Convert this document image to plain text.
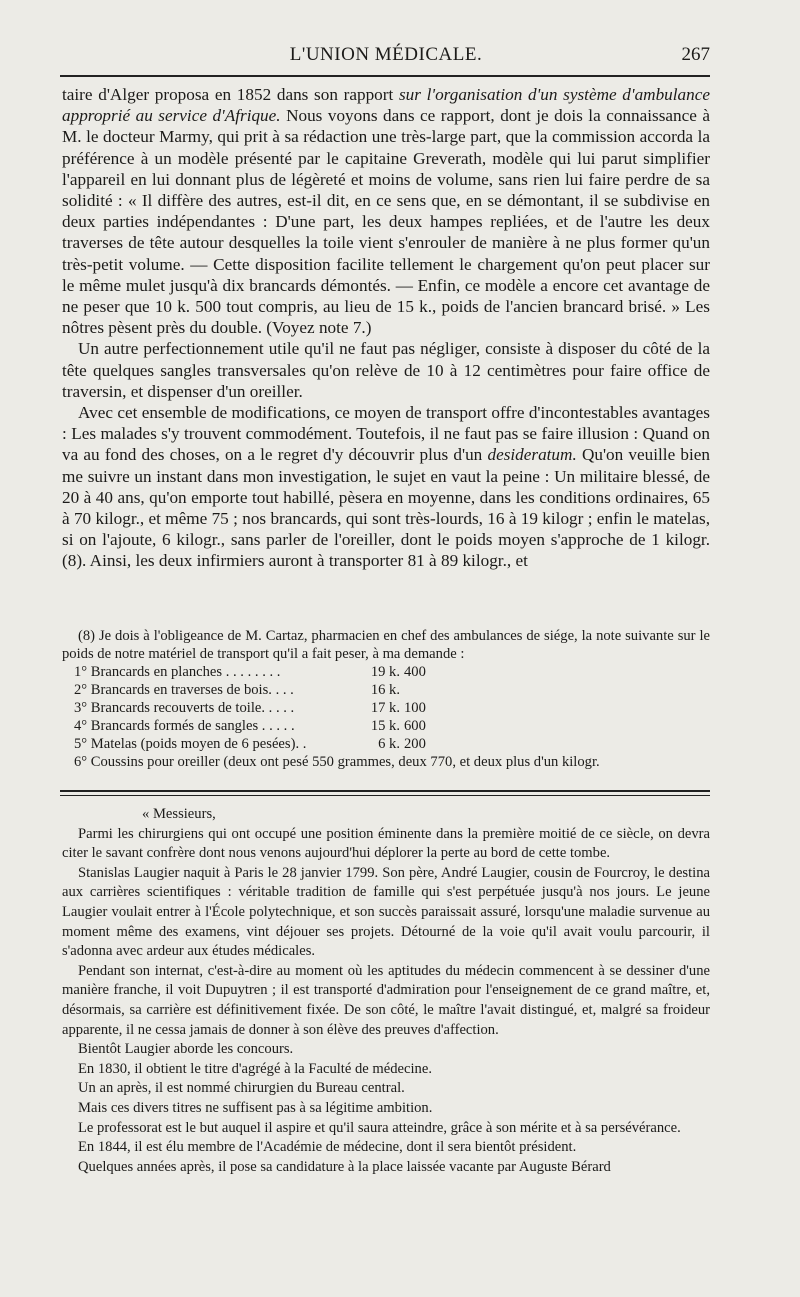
L'UNION MÉDICALE.	267

taire d'Alger proposa en 1852 dans son rapport sur l'organisation d'un système d'ambulance approprié au service d'Afrique. Nous voyons dans ce rapport, dont je dois la connaissance à M. le docteur Marmy, qui prit à sa rédaction une très-large part, que la commission accorda la préférence à un modèle présenté par le capitaine Greverath, modèle qui lui parut simplifier l'appareil en lui donnant plus de légèreté et moins de volume, sans rien lui faire perdre de sa solidité : « Il diffère des autres, est-il dit, en ce sens que, en se démontant, il se subdivise en deux parties indépendantes : D'une part, les deux hampes repliées, et de l'autre les deux traverses de tête autour desquelles la toile vient s'enrouler de manière à ne plus former qu'un très-petit volume. — Cette disposition facilite tellement le chargement qu'on peut placer sur le même mulet jusqu'à dix brancards démontés. — Enfin, ce modèle a encore cet avantage de ne peser que 10 k. 500 tout compris, au lieu de 15 k., poids de l'ancien brancard brisé. » Les nôtres pèsent près du double. (Voyez note 7.)

Un autre perfectionnement utile qu'il ne faut pas négliger, consiste à disposer du côté de la tête quelques sangles transversales qu'on relève de 10 à 12 centimètres pour faire office de traversin, et dispenser d'un oreiller.

Avec cet ensemble de modifications, ce moyen de transport offre d'incontestables avantages : Les malades s'y trouvent commodément. Toutefois, il ne faut pas se faire illusion : Quand on va au fond des choses, on a le regret d'y découvrir plus d'un desideratum. Qu'on veuille bien me suivre un instant dans mon investigation, le sujet en vaut la peine : Un militaire blessé, de 20 à 40 ans, qu'on emporte tout habillé, pèsera en moyenne, dans les conditions ordinaires, 65 à 70 kilogr., et même 75 ; nos brancards, qui sont très-lourds, 16 à 19 kilogr ; enfin le matelas, si on l'ajoute, 6 kilogr., sans parler de l'oreiller, dont le poids moyen s'approche de 1 kilogr. (8). Ainsi, les deux infirmiers auront à transporter 81 à 89 kilogr., et

(8) Je dois à l'obligeance de M. Cartaz, pharmacien en chef des ambulances de siége, la note suivante sur le poids de notre matériel de transport qu'il a fait peser, à ma demande :

1° Brancards en planches . . . . . . . .	19 k.	400
2° Brancards en traverses de bois. . . .	16 k.	
3° Brancards recouverts de toile. . . . .	17 k.	100
4° Brancards formés de sangles . . . . .	15 k.	600
5° Matelas (poids moyen de 6 pesées). .	6 k.	200

6° Coussins pour oreiller (deux ont pesé 550 grammes, deux 770, et deux plus d'un kilogr.

« Messieurs,

Parmi les chirurgiens qui ont occupé une position éminente dans la première moitié de ce siècle, on devra citer le savant confrère dont nous venons aujourd'hui déplorer la perte au bord de cette tombe.

Stanislas Laugier naquit à Paris le 28 janvier 1799. Son père, André Laugier, cousin de Fourcroy, le destina aux carrières scientifiques : véritable tradition de famille qui s'est perpétuée jusqu'à nos jours. Le jeune Laugier voulait entrer à l'École polytechnique, et son succès paraissait assuré, lorsqu'une maladie survenue au moment même des examens, vint déjouer ses projets. Détourné de la voie qu'il avait voulu parcourir, il s'adonna avec ardeur aux études médicales.

Pendant son internat, c'est-à-dire au moment où les aptitudes du médecin commencent à se dessiner d'une manière franche, il voit Dupuytren ; il est transporté d'admiration pour l'enseignement de ce grand maître, et, désormais, sa carrière est définitivement fixée. De son côté, le maître l'avait distingué, et, malgré sa froideur apparente, il ne cessa jamais de donner à son élève des preuves d'affection.

Bientôt Laugier aborde les concours.

En 1830, il obtient le titre d'agrégé à la Faculté de médecine.

Un an après, il est nommé chirurgien du Bureau central.

Mais ces divers titres ne suffisent pas à sa légitime ambition.

Le professorat est le but auquel il aspire et qu'il saura atteindre, grâce à son mérite et à sa persévérance.

En 1844, il est élu membre de l'Académie de médecine, dont il sera bientôt président.

Quelques années après, il pose sa candidature à la place laissée vacante par Auguste Bérard
